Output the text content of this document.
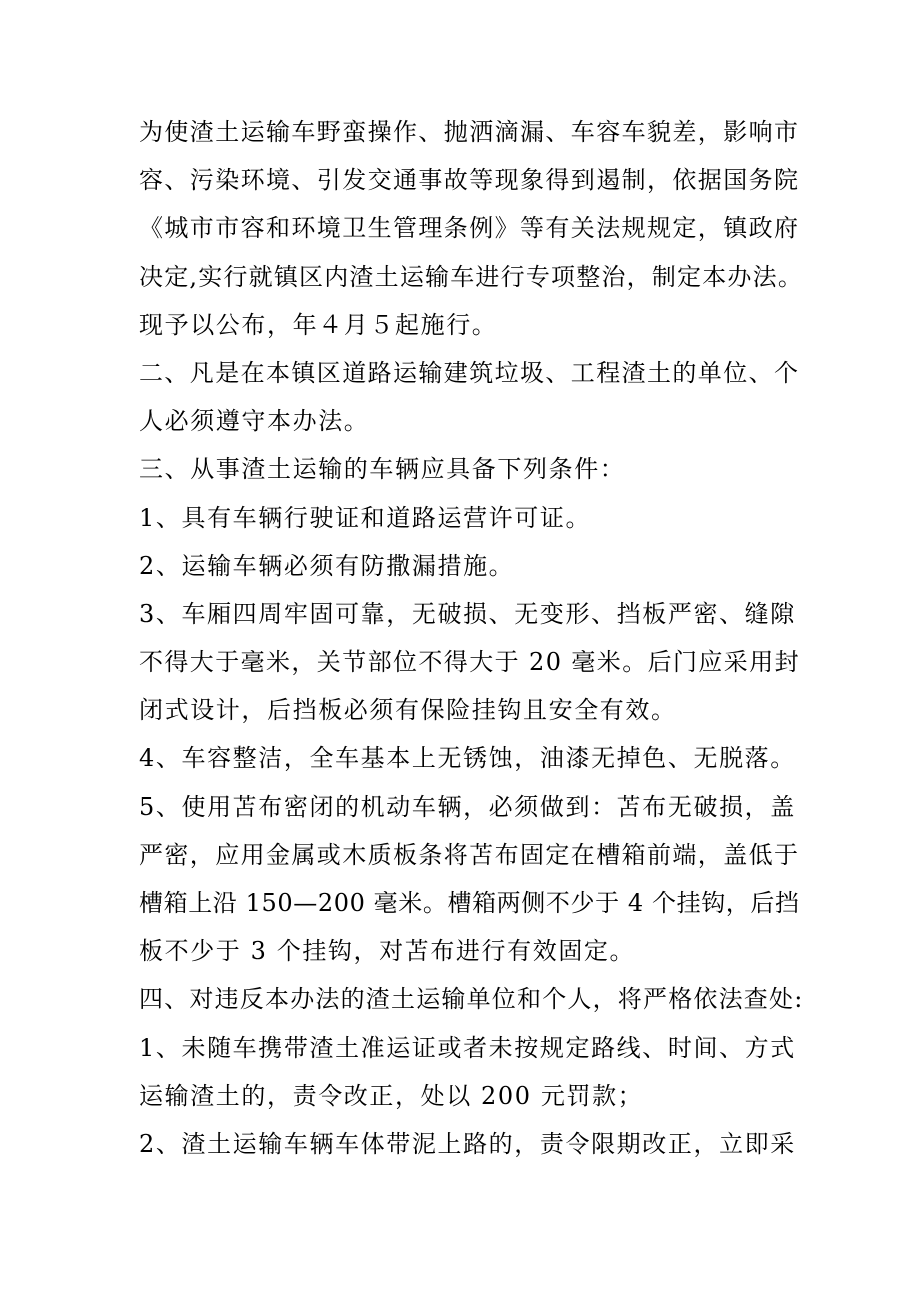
为使渣土运输车野蛮操作、抛洒滴漏、车容车貌差，影响市
容、污染环境、引发交通事故等现象得到遏制，依据国务院
《城市市容和环境卫生管理条例》等有关法规规定，镇政府
决定,实行就镇区内渣土运输车进行专项整治，制定本办法。
现予以公布，年４月５起施行。
二、凡是在本镇区道路运输建筑垃圾、工程渣土的单位、个
人必须遵守本办法。
三、从事渣土运输的车辆应具备下列条件：
1、具有车辆行驶证和道路运营许可证。
2、运输车辆必须有防撒漏措施。
3、车厢四周牢固可靠，无破损、无变形、挡板严密、缝隙
不得大于毫米，关节部位不得大于 20 毫米。后门应采用封
闭式设计，后挡板必须有保险挂钩且安全有效。
4、车容整洁，全车基本上无锈蚀，油漆无掉色、无脱落。
5、使用苫布密闭的机动车辆，必须做到：苫布无破损，盖
严密，应用金属或木质板条将苫布固定在槽箱前端，盖低于
槽箱上沿 150—200 毫米。槽箱两侧不少于 4 个挂钩，后挡
板不少于 3 个挂钩，对苫布进行有效固定。
四、对违反本办法的渣土运输单位和个人，将严格依法查处:
1、未随车携带渣土准运证或者未按规定路线、时间、方式
运输渣土的，责令改正，处以 200 元罚款；
2、渣土运输车辆车体带泥上路的，责令限期改正，立即采
